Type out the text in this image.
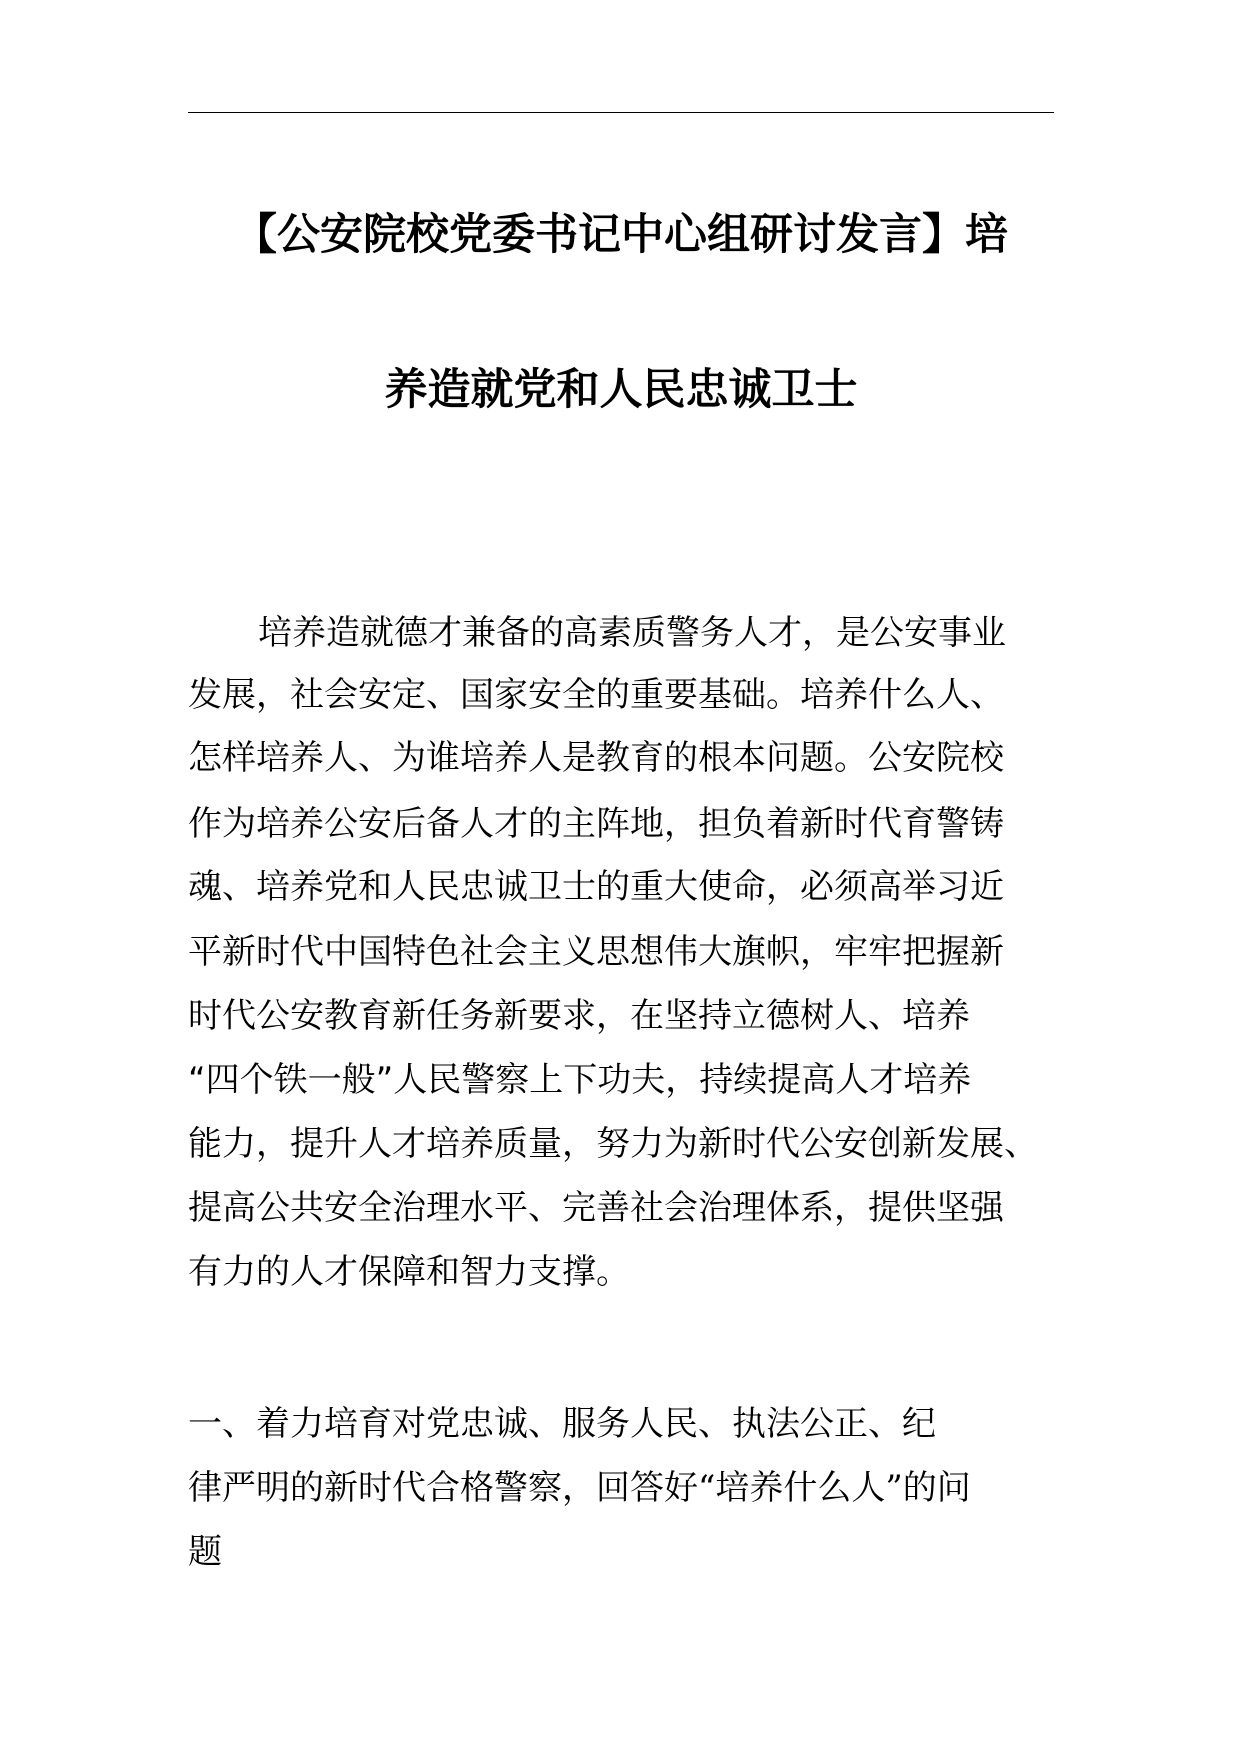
【公安院校党委书记中心组研讨发言】培
养造就党和人民忠诚卫士
培养造就德才兼备的高素质警务人才，是公安事业
发展，社会安定、国家安全的重要基础。培养什么人、
怎样培养人、为谁培养人是教育的根本问题。公安院校
作为培养公安后备人才的主阵地，担负着新时代育警铸
魂、培养党和人民忠诚卫士的重大使命，必须高举习近
平新时代中国特色社会主义思想伟大旗帜，牢牢把握新
时代公安教育新任务新要求，在坚持立德树人、培养
“四个铁一般”人民警察上下功夫，持续提高人才培养
能力，提升人才培养质量，努力为新时代公安创新发展、
提高公共安全治理水平、完善社会治理体系，提供坚强
有力的人才保障和智力支撑。
一、着力培育对党忠诚、服务人民、执法公正、纪
律严明的新时代合格警察，回答好“培养什么人”的问
题
